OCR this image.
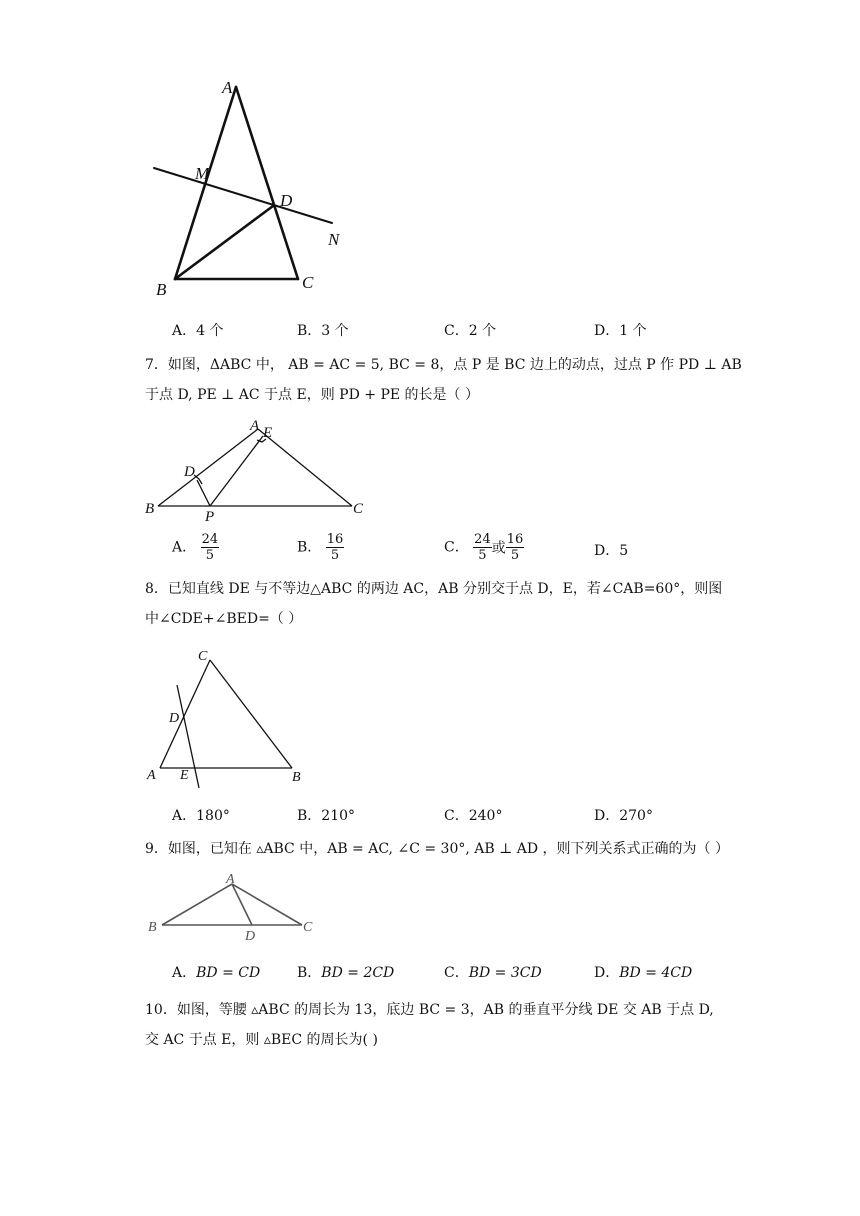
A
M
D
N
B	C
A．4 个	B．3 个	C．2 个	D．1 个

7．如图，ΔABC 中， AB = AC = 5, BC = 8，点 P 是 BC 边上的动点，过点 P 作 PD ⊥ AB

于点 D, PE ⊥ AC 于点 E，则 PD + PE 的长是（ ）

A E
D
B	P	C
A． $\frac{24}{5}$	B． $\frac{16}{5}$	C． $\frac{24}{5}$ 或 $\frac{16}{5}$	D．5

8．已知直线 DE 与不等边△ABC 的两边 AC，AB 分别交于点 D，E，若∠CAB=60°，则图

中∠CDE+∠BED=（ ）

C
D
A E	B
A．180°	B．210°	C．240°	D．270°

9．如图，已知在 ▵ABC 中，AB = AC, ∠C = 30°, AB ⊥ AD ，则下列关系式正确的为（ ）

A
B
D
C
A．BD = CD	B．BD = 2CD	C．BD = 3CD	D．BD = 4CD

10．如图，等腰 ▵ABC 的周长为 13，底边 BC = 3，AB 的垂直平分线 DE 交 AB 于点 D,

交 AC 于点 E，则 ▵BEC 的周长为( )
